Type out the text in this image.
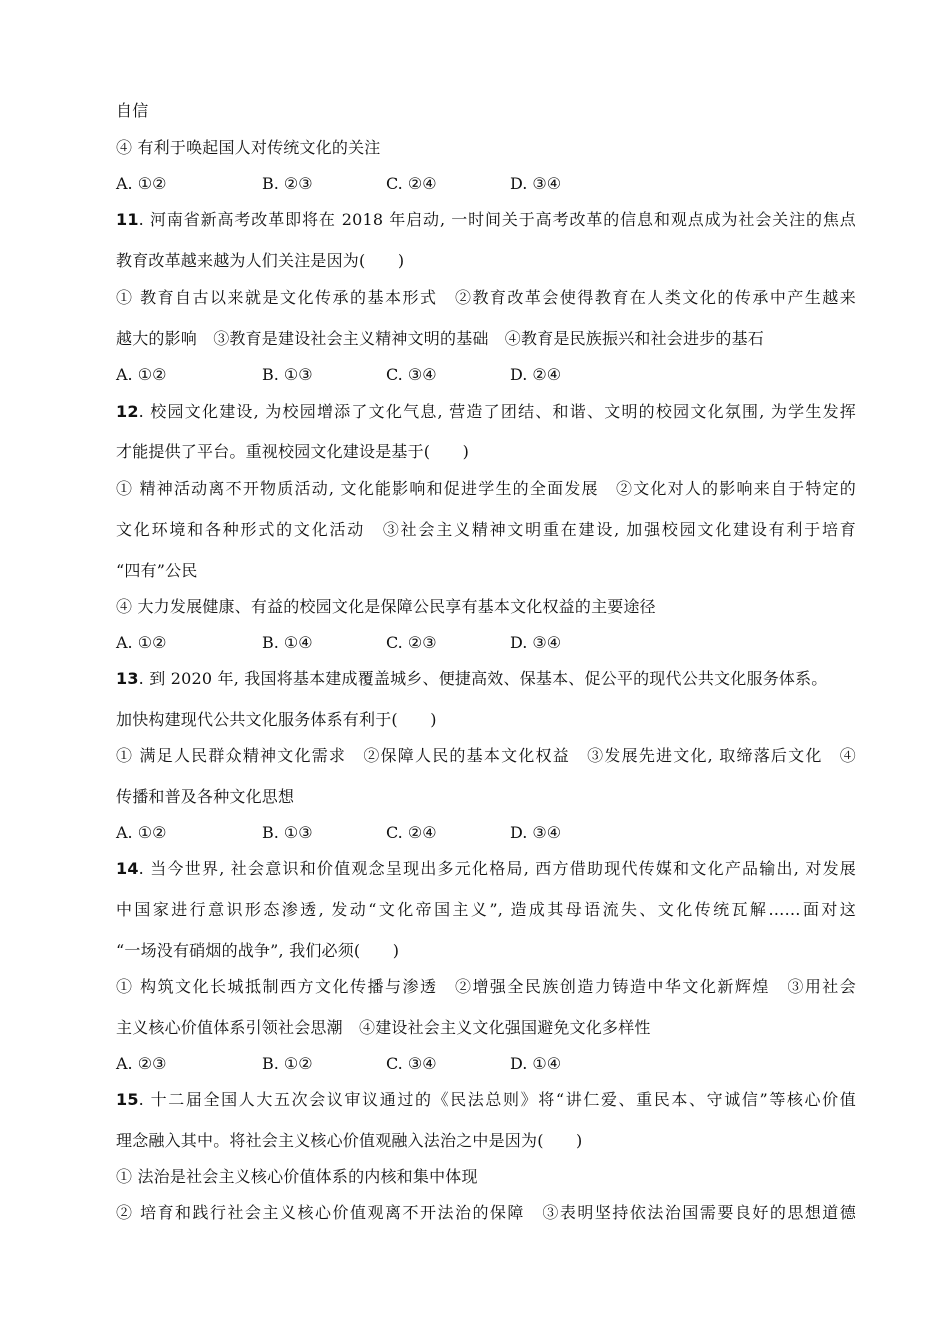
自信
④ 有利于唤起国人对传统文化的关注
A. ①②	B. ②③	C. ②④	D. ③④
11. 河南省新高考改革即将在 2018 年启动, 一时间关于高考改革的信息和观点成为社会关注的焦点
教育改革越来越为人们关注是因为(　　)
① 教育自古以来就是文化传承的基本形式　②教育改革会使得教育在人类文化的传承中产生越来
越大的影响　③教育是建设社会主义精神文明的基础　④教育是民族振兴和社会进步的基石
A. ①②	B. ①③	C. ③④	D. ②④
12. 校园文化建设, 为校园增添了文化气息, 营造了团结、和谐、文明的校园文化氛围, 为学生发挥
才能提供了平台。重视校园文化建设是基于(　　)
① 精神活动离不开物质活动, 文化能影响和促进学生的全面发展　②文化对人的影响来自于特定的
文化环境和各种形式的文化活动　③社会主义精神文明重在建设, 加强校园文化建设有利于培育
“四有”公民
④ 大力发展健康、有益的校园文化是保障公民享有基本文化权益的主要途径
A. ①②	B. ①④	C. ②③	D. ③④
13. 到 2020 年, 我国将基本建成覆盖城乡、便捷高效、保基本、促公平的现代公共文化服务体系。
加快构建现代公共文化服务体系有利于(　　)
① 满足人民群众精神文化需求　②保障人民的基本文化权益　③发展先进文化, 取缔落后文化　④
传播和普及各种文化思想
A. ①②	B. ①③	C. ②④	D. ③④
14. 当今世界, 社会意识和价值观念呈现出多元化格局, 西方借助现代传媒和文化产品输出, 对发展
中国家进行意识形态渗透, 发动“文化帝国主义”, 造成其母语流失、文化传统瓦解……面对这
“一场没有硝烟的战争”, 我们必须(　　)
① 构筑文化长城抵制西方文化传播与渗透　②增强全民族创造力铸造中华文化新辉煌　③用社会
主义核心价值体系引领社会思潮　④建设社会主义文化强国避免文化多样性
A. ②③	B. ①②	C. ③④	D. ①④
15. 十二届全国人大五次会议审议通过的《民法总则》将“讲仁爱、重民本、守诚信”等核心价值
理念融入其中。将社会主义核心价值观融入法治之中是因为(　　)
① 法治是社会主义核心价值体系的内核和集中体现
② 培育和践行社会主义核心价值观离不开法治的保障　③表明坚持依法治国需要良好的思想道德
